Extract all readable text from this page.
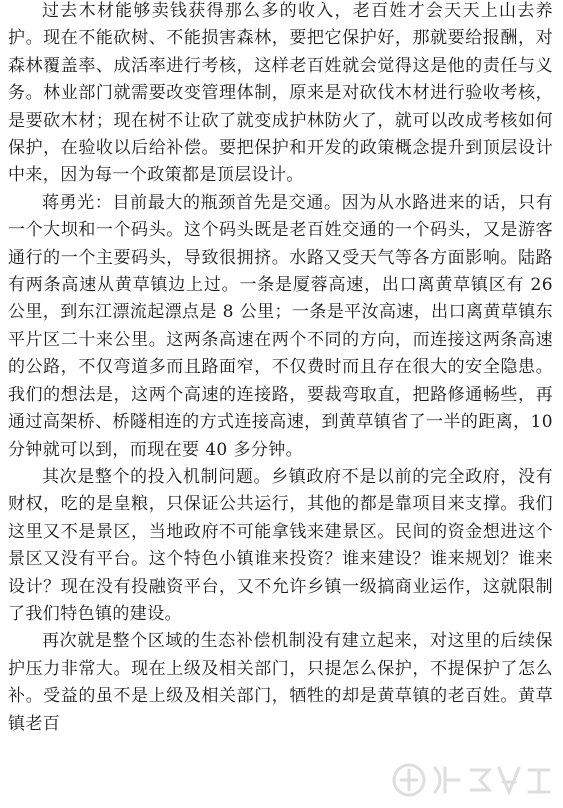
过去木材能够卖钱获得那么多的收入，老百姓才会天天上山去养护。现在不能砍树、不能损害森林，要把它保护好，那就要给报酬，对森林覆盖率、成活率进行考核，这样老百姓就会觉得这是他的责任与义务。林业部门就需要改变管理体制，原来是对砍伐木材进行验收考核，是要砍木材；现在树不让砍了就变成护林防火了，就可以改成考核如何保护，在验收以后给补偿。要把保护和开发的政策概念提升到顶层设计中来，因为每一个政策都是顶层设计。

蒋勇光：目前最大的瓶颈首先是交通。因为从水路进来的话，只有一个大坝和一个码头。这个码头既是老百姓交通的一个码头，又是游客通行的一个主要码头，导致很拥挤。水路又受天气等各方面影响。陆路有两条高速从黄草镇边上过。一条是厦蓉高速，出口离黄草镇区有 26 公里，到东江漂流起漂点是 8 公里；一条是平汝高速，出口离黄草镇东平片区二十来公里。这两条高速在两个不同的方向，而连接这两条高速的公路，不仅弯道多而且路面窄，不仅费时而且存在很大的安全隐患。我们的想法是，这两个高速的连接路，要裁弯取直，把路修通畅些，再通过高架桥、桥隧相连的方式连接高速，到黄草镇省了一半的距离，10 分钟就可以到，而现在要 40 多分钟。

其次是整个的投入机制问题。乡镇政府不是以前的完全政府，没有财权，吃的是皇粮，只保证公共运行，其他的都是靠项目来支撑。我们这里又不是景区，当地政府不可能拿钱来建景区。民间的资金想进这个景区又没有平台。这个特色小镇谁来投资？谁来建设？谁来规划？谁来设计？现在没有投融资平台，又不允许乡镇一级搞商业运作，这就限制了我们特色镇的建设。

再次就是整个区域的生态补偿机制没有建立起来，对这里的后续保护压力非常大。现在上级及相关部门，只提怎么保护，不提保护了怎么补。受益的虽不是上级及相关部门，牺牲的却是黄草镇的老百姓。黄草镇老百
